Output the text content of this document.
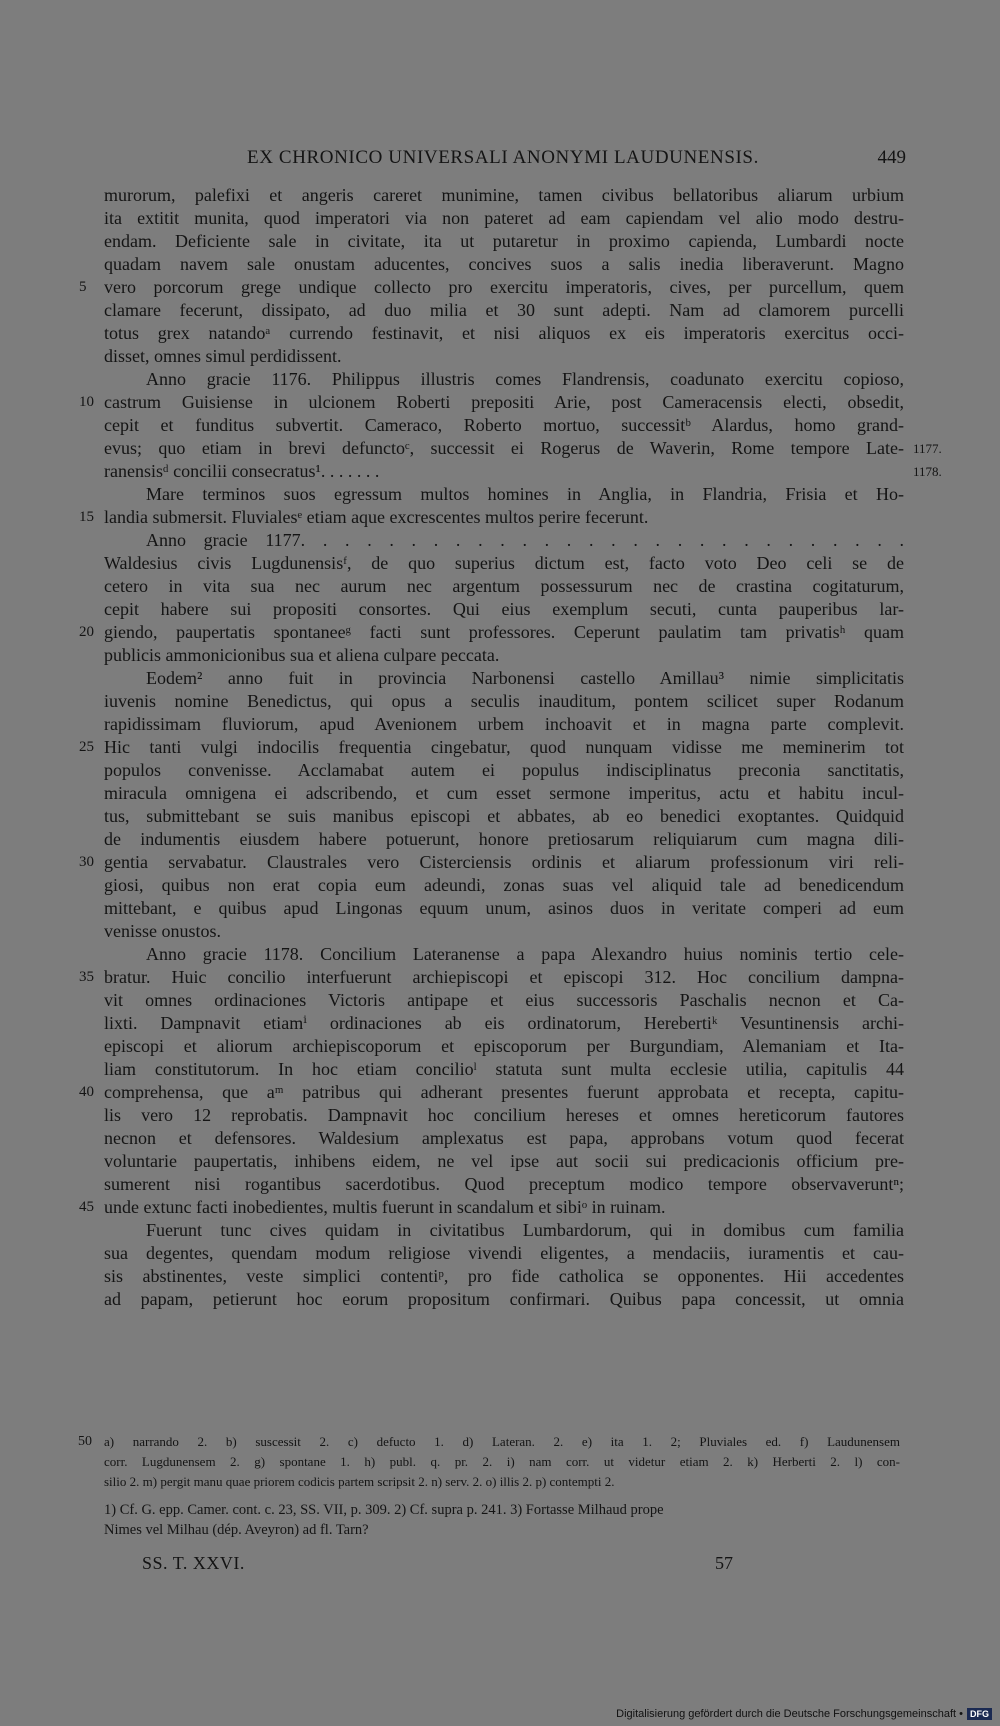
EX CHRONICO UNIVERSALI ANONYMI LAUDUNENSIS.	449
murorum, palefixi et angeris careret munimine, tamen civibus bellatoribus aliarum urbium
ita extitit munita, quod imperatori via non pateret ad eam capiendam vel alio modo destru-
endam. Deficiente sale in civitate, ita ut putaretur in proximo capienda, Lumbardi nocte
quadam navem sale onustam aducentes, concives suos a salis inedia liberaverunt. Magno
5 vero porcorum grege undique collecto pro exercitu imperatoris, cives, per purcellum, quem
clamare fecerunt, dissipato, ad duo milia et 30 sunt adepti. Nam ad clamorem purcelli
totus grex natandoᵃ currendo festinavit, et nisi aliquos ex eis imperatoris exercitus occi-
disset, omnes simul perdidissent.
Anno gracie 1176. Philippus illustris comes Flandrensis, coadunato exercitu copioso,
10 castrum Guisiense in ulcionem Roberti prepositi Arie, post Cameracensis electi, obsedit,
cepit et funditus subvertit. Cameraco, Roberto mortuo, successitᵇ Alardus, homo grand-
evus; quo etiam in brevi defunctoᶜ, successit ei Rogerus de Waverin, Rome tempore Late- 1177.
ranensisᵈ concilii consecratus¹. . . . . . .	1178.
Mare terminos suos egressum multos homines in Anglia, in Flandria, Frisia et Ho-
15 landia submersit. Fluvialesᵉ etiam aque excrescentes multos perire fecerunt.
Anno gracie 1177. . . . . . . . . . . . . . . . . . . . . . . . . . . .
Waldesius civis Lugdunensisᶠ, de quo superius dictum est, facto voto Deo celi se de
cetero in vita sua nec aurum nec argentum possessurum nec de crastina cogitaturum,
cepit habere sui propositi consortes. Qui eius exemplum secuti, cunta pauperibus lar-
20 giendo, paupertatis spontaneeᵍ facti sunt professores. Ceperunt paulatim tam privatisʰ quam
publicis ammonicionibus sua et aliena culpare peccata.
Eodem² anno fuit in provincia Narbonensi castello Amillau³ nimie simplicitatis
iuvenis nomine Benedictus, qui opus a seculis inauditum, pontem scilicet super Rodanum
rapidissimam fluviorum, apud Avenionem urbem inchoavit et in magna parte complevit.
25 Hic tanti vulgi indocilis frequentia cingebatur, quod nunquam vidisse me meminerim tot
populos convenisse. Acclamabat autem ei populus indisciplinatus preconia sanctitatis,
miracula omnigena ei adscribendo, et cum esset sermone imperitus, actu et habitu incul-
tus, submittebant se suis manibus episcopi et abbates, ab eo benedici exoptantes. Quidquid
de indumentis eiusdem habere potuerunt, honore pretiosarum reliquiarum cum magna dili-
30 gentia servabatur. Claustrales vero Cisterciensis ordinis et aliarum professionum viri reli-
giosi, quibus non erat copia eum adeundi, zonas suas vel aliquid tale ad benedicendum
mittebant, e quibus apud Lingonas equum unum, asinos duos in veritate comperi ad eum
venisse onustos.
Anno gracie 1178. Concilium Lateranense a papa Alexandro huius nominis tertio cele-
35 bratur. Huic concilio interfuerunt archiepiscopi et episcopi 312. Hoc concilium dampna-
vit omnes ordinaciones Victoris antipape et eius successoris Paschalis necnon et Ca-
lixti. Dampnavit etiamⁱ ordinaciones ab eis ordinatorum, Herebertiᵏ Vesuntinensis archi-
episcopi et aliorum archiepiscoporum et episcoporum per Burgundiam, Alemaniam et Ita-
liam constitutorum. In hoc etiam concilioˡ statuta sunt multa ecclesie utilia, capitulis 44
40 comprehensa, que aᵐ patribus qui adherant presentes fuerunt approbata et recepta, capitu-
lis vero 12 reprobatis. Dampnavit hoc concilium hereses et omnes hereticorum fautores
necnon et defensores. Waldesium amplexatus est papa, approbans votum quod fecerat
voluntarie paupertatis, inhibens eidem, ne vel ipse aut socii sui predicacionis officium pre-
sumerent nisi rogantibus sacerdotibus. Quod preceptum modico tempore observaveruntⁿ;
45 unde extunc facti inobedientes, multis fuerunt in scandalum et sibiᵒ in ruinam.
Fuerunt tunc cives quidam in civitatibus Lumbardorum, qui in domibus cum familia
sua degentes, quendam modum religiose vivendi eligentes, a mendaciis, iuramentis et cau-
sis abstinentes, veste simplici contentiᵖ, pro fide catholica se opponentes. Hii accedentes
ad papam, petierunt hoc eorum propositum confirmari. Quibus papa concessit, ut omnia
50 a) narrando 2. b) suscessit 2. c) defucto 1. d) Lateran. 2. e) ita 1. 2; Pluviales ed. f) Laudunensem
corr. Lugdunensem 2. g) spontane 1. h) publ. q. pr. 2. i) nam corr. ut videtur etiam 2. k) Herberti 2. l) con-
silio 2. m) pergit manu quae priorem codicis partem scripsit 2. n) serv. 2. o) illis 2. p) contempti 2.
1) Cf. G. epp. Camer. cont. c. 23, SS. VII, p. 309. 2) Cf. supra p. 241. 3) Fortasse Milhaud prope
Nimes vel Milhau (dép. Aveyron) ad fl. Tarn?
SS. T. XXVI.	57
Digitalisierung gefördert durch die Deutsche Forschungsgemeinschaft • DFG
